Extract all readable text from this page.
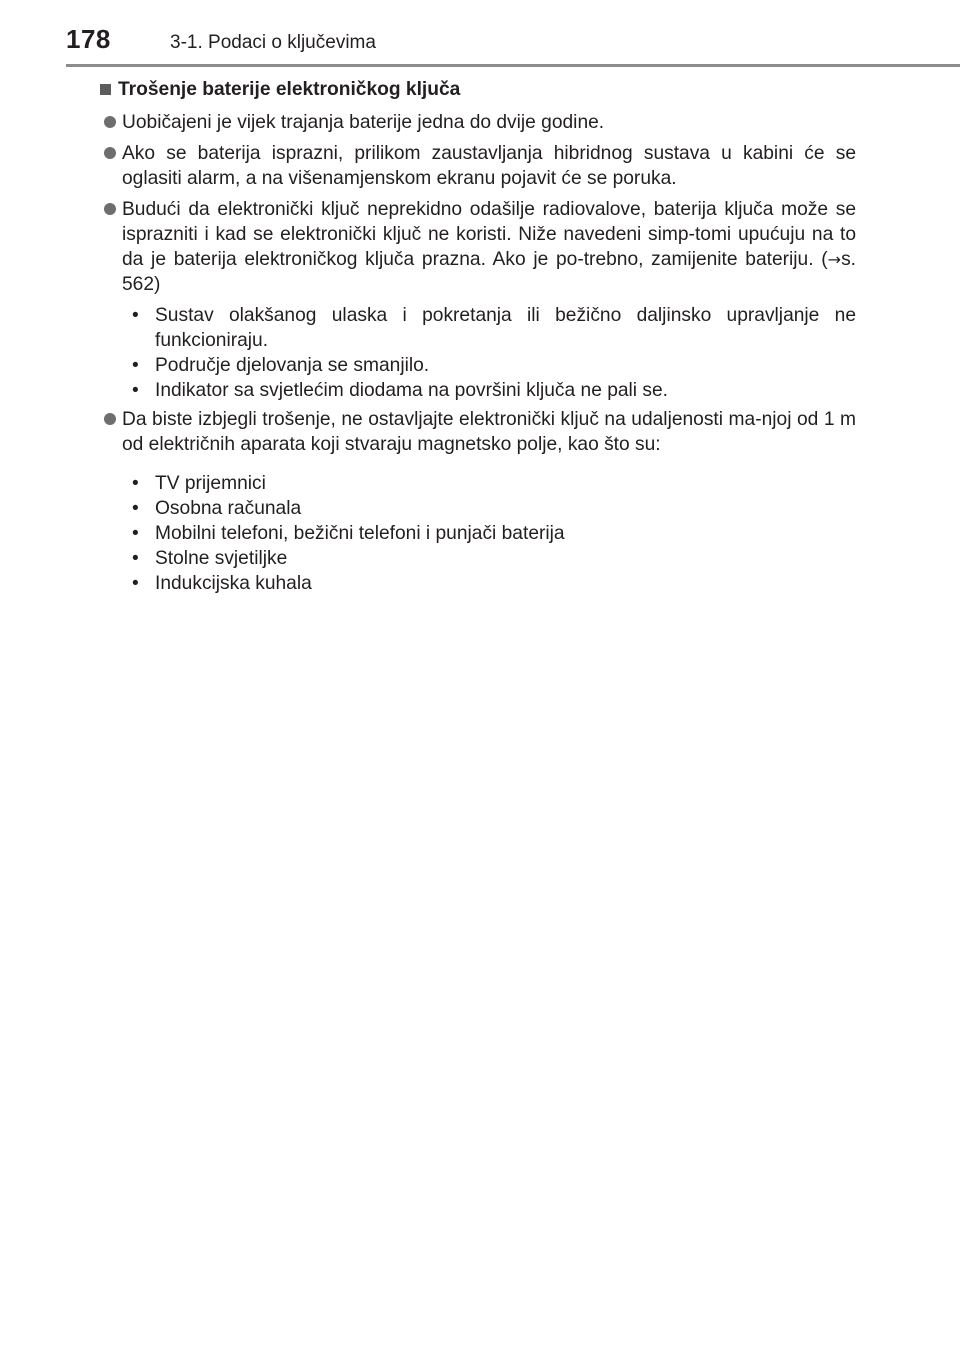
178	3-1. Podaci o ključevima
Trošenje baterije elektroničkog ključa
Uobičajeni je vijek trajanja baterije jedna do dvije godine.
Ako se baterija isprazni, prilikom zaustavljanja hibridnog sustava u kabini će se oglasiti alarm, a na višenamjenskom ekranu pojavit će se poruka.
Budući da elektronički ključ neprekidno odašilje radiovalove, baterija ključa može se isprazniti i kad se elektronički ključ ne koristi. Niže navedeni simp-tomi upućuju na to da je baterija elektroničkog ključa prazna. Ako je po-trebno, zamijenite bateriju. (→s. 562)
• Sustav olakšanog ulaska i pokretanja ili bežično daljinsko upravljanje ne funkcioniraju.
• Područje djelovanja se smanjilo.
• Indikator sa svjetlećim diodama na površini ključa ne pali se.
Da biste izbjegli trošenje, ne ostavljajte elektronički ključ na udaljenosti ma-njoj od 1 m od električnih aparata koji stvaraju magnetsko polje, kao što su:
• TV prijemnici
• Osobna računala
• Mobilni telefoni, bežični telefoni i punjači baterija
• Stolne svjetiljke
• Indukcijska kuhala
